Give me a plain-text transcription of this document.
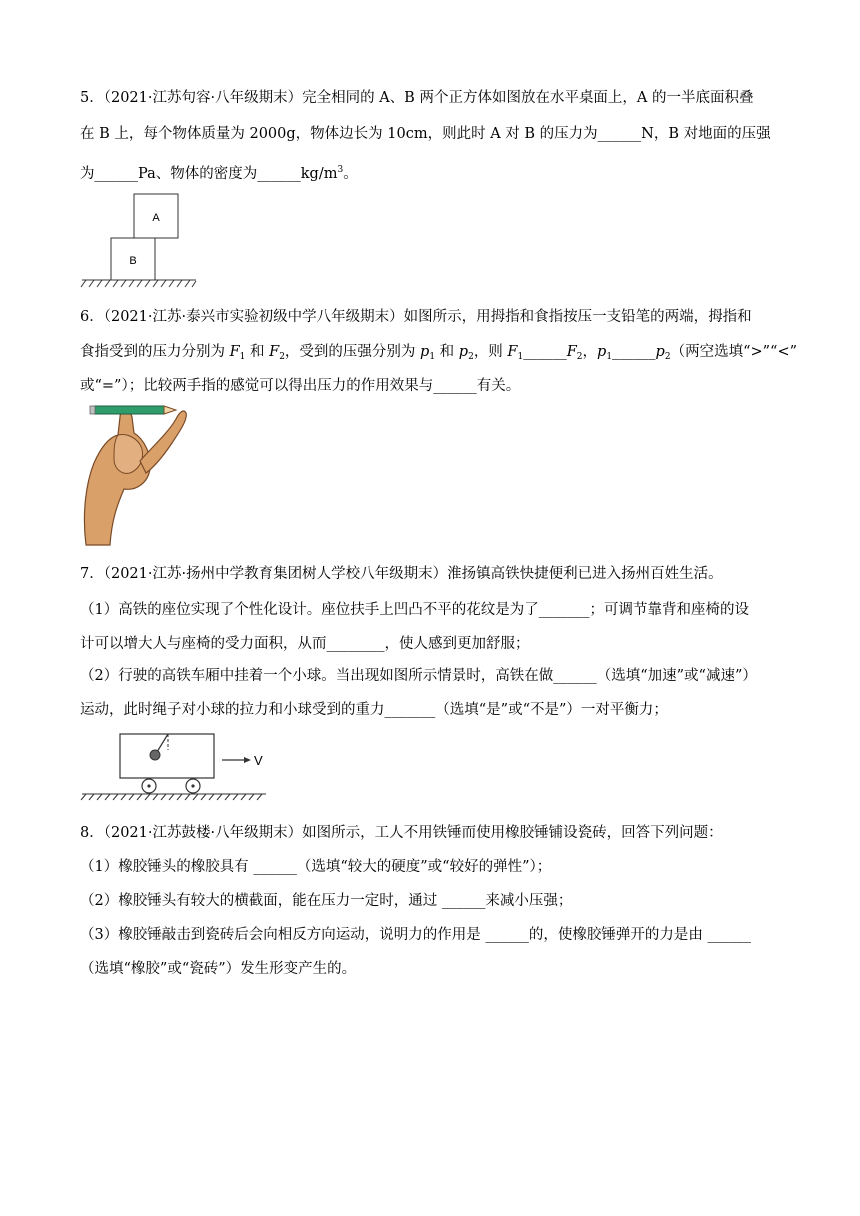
5．（2021·江苏句容·八年级期末）完全相同的 A、B 两个正方体如图放在水平桌面上，A 的一半底面积叠
在 B 上，每个物体质量为 2000g，物体边长为 10cm，则此时 A 对 B 的压力为______N，B 对地面的压强
为______Pa、物体的密度为$\_\_\_\_\_\_kg/m^3$。
A
B
6．（2021·江苏·泰兴市实验初级中学八年级期末）如图所示，用拇指和食指按压一支铅笔的两端，拇指和
食指受到的压力分别为 $F_1$ 和 $F_2$，受到的压强分别为 $p_1$ 和 $p_2$，则 $F_1\_\_\_\_\_\_F_2$，$p_1\_\_\_\_\_\_p_2$（两空选填“>”“<”
或“=”）；比较两手指的感觉可以得出压力的作用效果与______有关。
7．（2021·江苏·扬州中学教育集团树人学校八年级期末）淮扬镇高铁快捷便利已进入扬州百姓生活。
（1）高铁的座位实现了个性化设计。座位扶手上凹凸不平的花纹是为了_______；可调节靠背和座椅的设
计可以增大人与座椅的受力面积，从而________，使人感到更加舒服；
（2）行驶的高铁车厢中挂着一个小球。当出现如图所示情景时，高铁在做______（选填“加速”或“减速”）
运动，此时绳子对小球的拉力和小球受到的重力_______（选填“是”或“不是”）一对平衡力；
V
8．（2021·江苏鼓楼·八年级期末）如图所示，工人不用铁锤而使用橡胶锤铺设瓷砖，回答下列问题：
（1）橡胶锤头的橡胶具有 ______（选填“较大的硬度”或“较好的弹性”）；
（2）橡胶锤头有较大的横截面，能在压力一定时，通过 ______来减小压强；
（3）橡胶锤敲击到瓷砖后会向相反方向运动，说明力的作用是 ______的，使橡胶锤弹开的力是由 ______
（选填“橡胶”或“瓷砖”）发生形变产生的。
